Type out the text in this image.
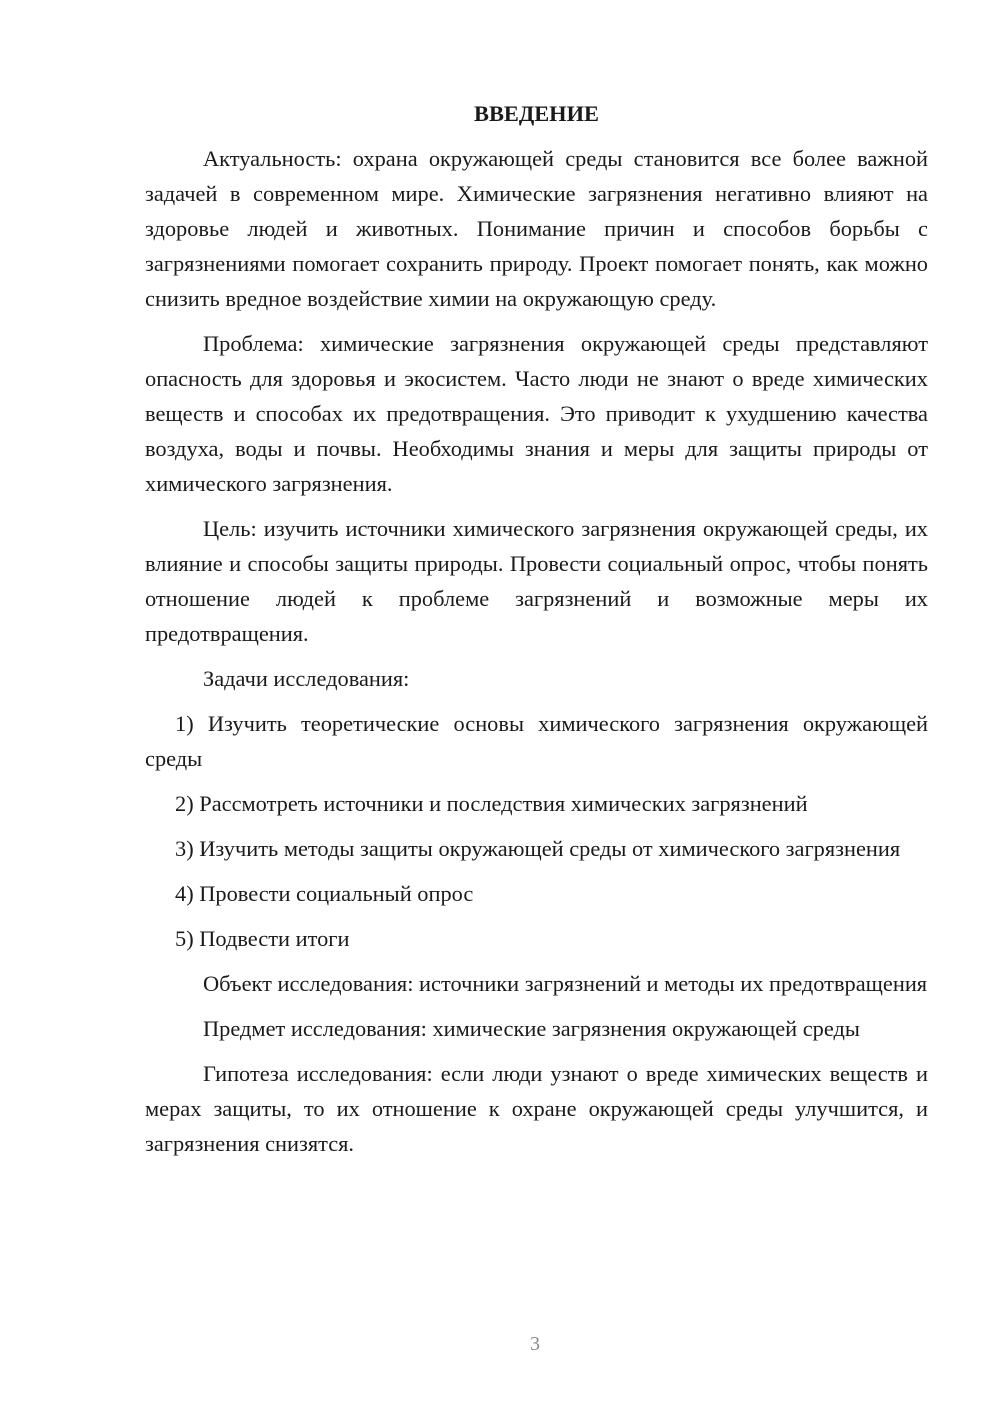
ВВЕДЕНИЕ

Актуальность: охрана окружающей среды становится все более важной задачей в современном мире. Химические загрязнения негативно влияют на здоровье людей и животных. Понимание причин и способов борьбы с загрязнениями помогает сохранить природу. Проект помогает понять, как можно снизить вредное воздействие химии на окружающую среду.

Проблема: химические загрязнения окружающей среды представляют опасность для здоровья и экосистем. Часто люди не знают о вреде химических веществ и способах их предотвращения. Это приводит к ухудшению качества воздуха, воды и почвы. Необходимы знания и меры для защиты природы от химического загрязнения.

Цель: изучить источники химического загрязнения окружающей среды, их влияние и способы защиты природы. Провести социальный опрос, чтобы понять отношение людей к проблеме загрязнений и возможные меры их предотвращения.

Задачи исследования:

1) Изучить теоретические основы химического загрязнения окружающей среды

2) Рассмотреть источники и последствия химических загрязнений

3) Изучить методы защиты окружающей среды от химического загрязнения

4) Провести социальный опрос

5) Подвести итоги

Объект исследования: источники загрязнений и методы их предотвращения

Предмет исследования: химические загрязнения окружающей среды

Гипотеза исследования: если люди узнают о вреде химических веществ и мерах защиты, то их отношение к охране окружающей среды улучшится, и загрязнения снизятся.

3
